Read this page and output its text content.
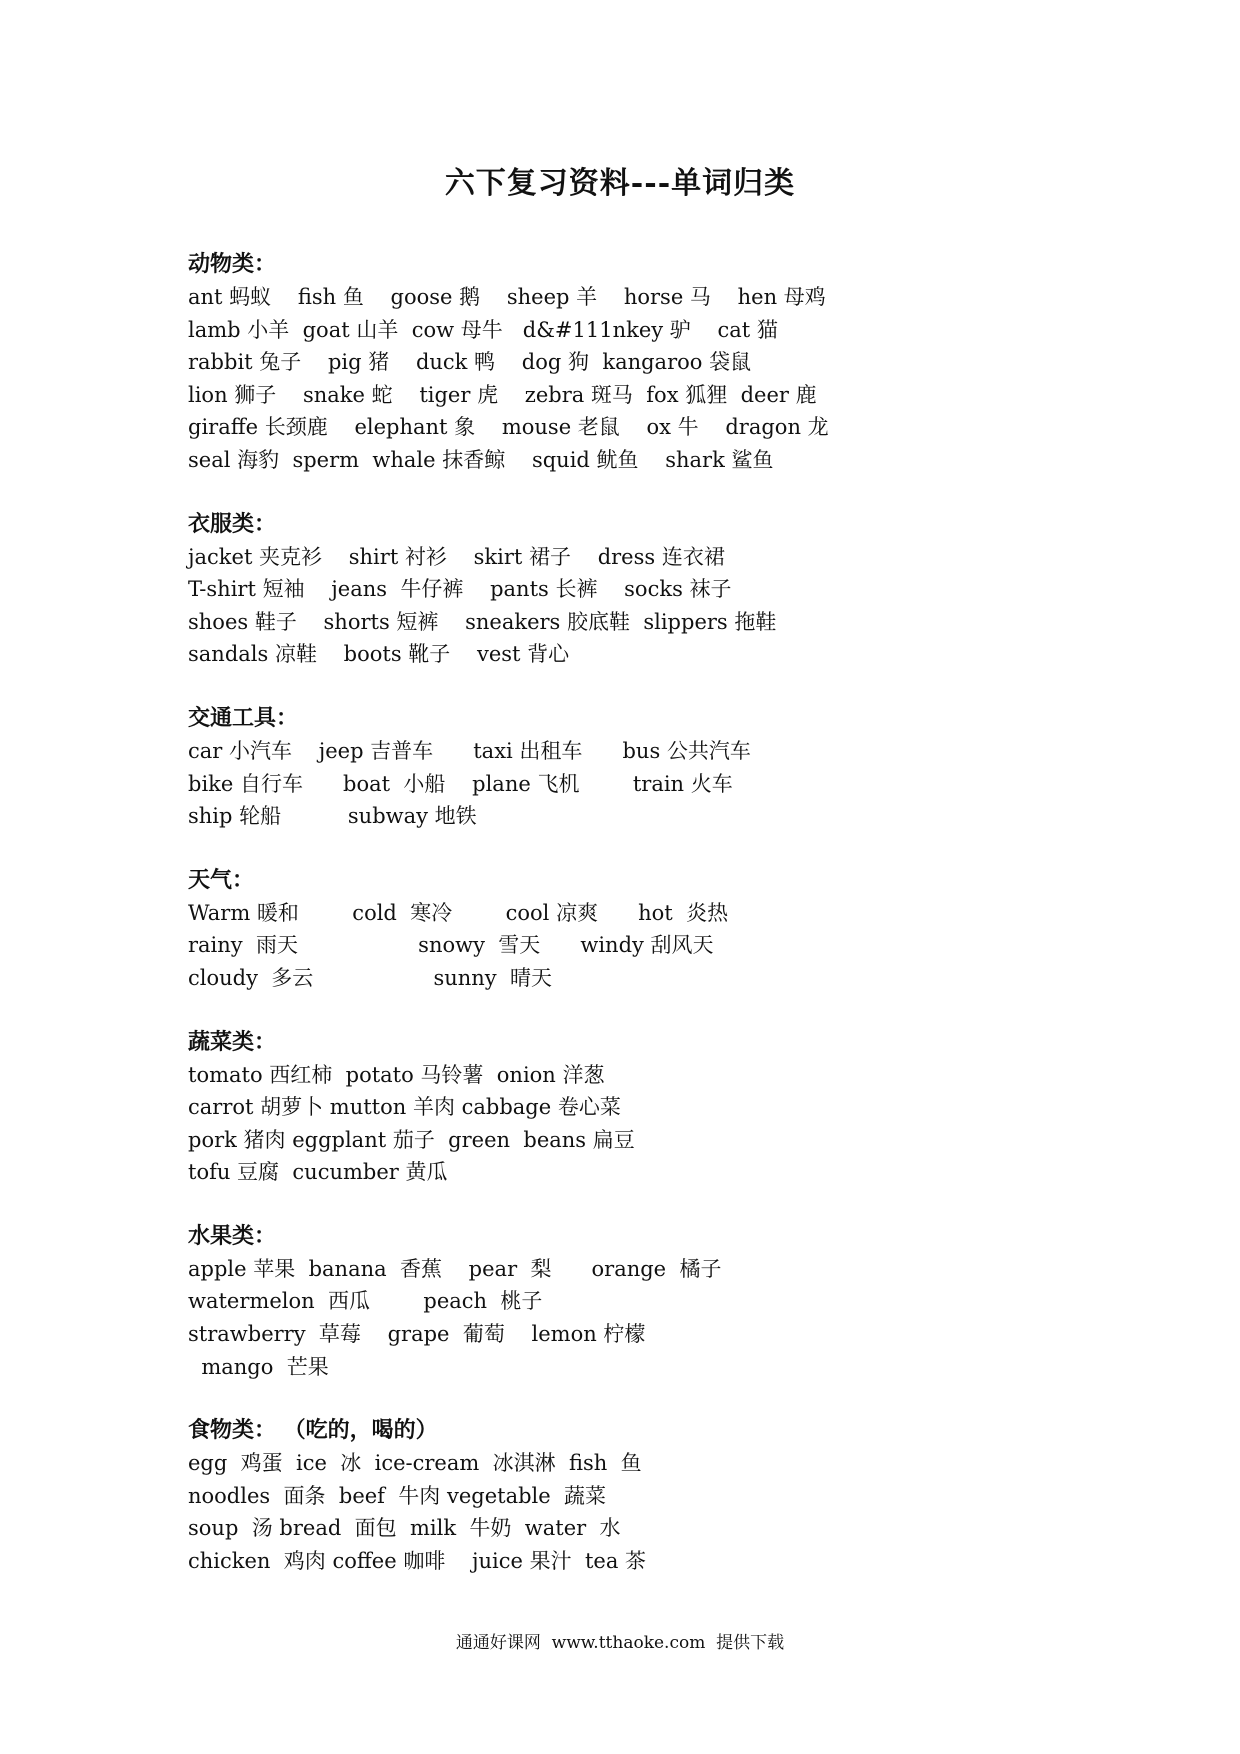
六下复习资料---单词归类
动物类：
ant 蚂蚁    fish 鱼    goose 鹅    sheep 羊    horse 马    hen 母鸡
lamb 小羊  goat 山羊  cow 母牛   d&#111nkey 驴    cat 猫
rabbit 兔子    pig 猪    duck 鸭    dog 狗  kangaroo 袋鼠
lion 狮子    snake 蛇    tiger 虎    zebra 斑马  fox 狐狸  deer 鹿
giraffe 长颈鹿    elephant 象    mouse 老鼠    ox 牛    dragon 龙
seal 海豹  sperm  whale 抹香鲸    squid 鱿鱼    shark 鲨鱼
衣服类：
jacket 夹克衫    shirt 衬衫    skirt 裙子    dress 连衣裙
T-shirt 短袖    jeans  牛仔裤    pants 长裤    socks 袜子
shoes 鞋子    shorts 短裤    sneakers 胶底鞋  slippers 拖鞋
sandals 凉鞋    boots 靴子    vest 背心
交通工具：
car 小汽车    jeep 吉普车      taxi 出租车      bus 公共汽车
bike 自行车      boat  小船    plane 飞机        train 火车
ship 轮船          subway 地铁
天气：
Warm 暖和        cold  寒冷        cool 凉爽      hot  炎热
rainy  雨天                  snowy  雪天      windy 刮风天
cloudy  多云                  sunny  晴天
蔬菜类：
tomato 西红柿  potato 马铃薯  onion 洋葱
carrot 胡萝卜 mutton 羊肉 cabbage 卷心菜
pork 猪肉 eggplant 茄子  green  beans 扁豆
tofu 豆腐  cucumber 黄瓜
水果类：
apple 苹果  banana  香蕉    pear  梨      orange  橘子
watermelon  西瓜        peach  桃子
strawberry  草莓    grape  葡萄    lemon 柠檬
mango  芒果
食物类： （吃的，喝的）
egg  鸡蛋  ice  冰  ice-cream  冰淇淋  fish  鱼
noodles  面条  beef  牛肉 vegetable  蔬菜
soup  汤 bread  面包  milk  牛奶  water  水
chicken  鸡肉 coffee 咖啡    juice 果汁  tea 茶
通通好课网  www.tthaoke.com  提供下载
